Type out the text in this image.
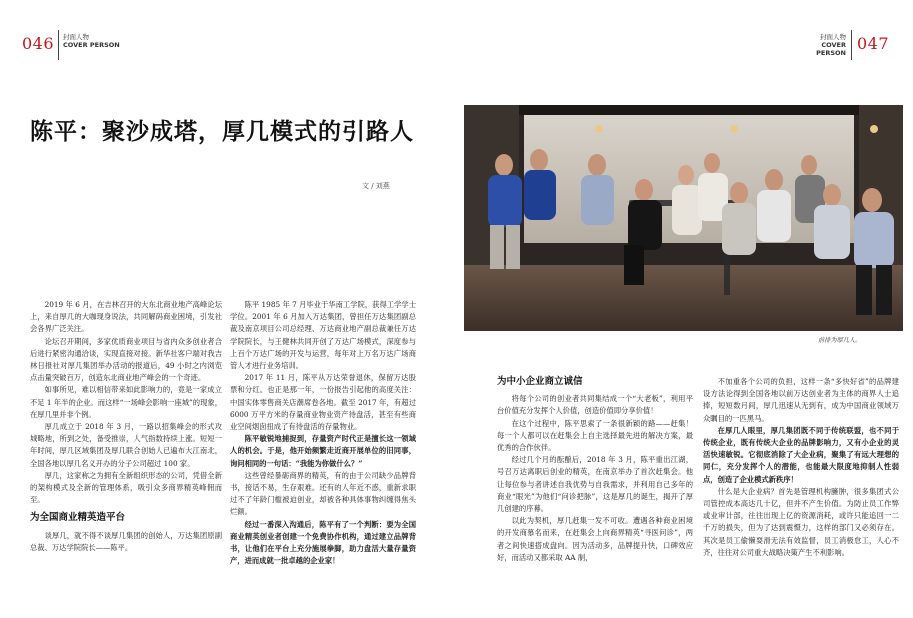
046 封面人物
COVER PERSON
封面人物
COVER PERSON 047
陈平：聚沙成塔，厚几模式的引路人
文 / 刘燕
前排为厚几人。

2019 年 6 月，在吉林召开的大东北商业地产高峰论坛上，来自厚几的大咖现身说法，共同解码商业困境，引发社会各界广泛关注。

论坛召开期间，多家优质商业项目与省内众多创业者合后进行紧密沟通洽谈，实现直接对接。新华社客户端对我吉林日报社对厚几集团举办活动的报道后，49 小时之内浏览点击量突破百万，创造东北商业地产峰会的一个奇迹。

如事所见，难以相信带来如此影响力的，竟是一家成立不足 1 年半的企业。而这样“一场峰会影响一座城”的现象，在厚几里并非个例。

厚几成立于 2018 年 3 月，一路以招集峰会的形式攻城略地，所到之处，备受推崇，人气指数持续上涨。短短一年时间，厚几区域集团及厚几联合创始人已遍布大江南北，全国各地以厚几名义开办的分子公司超过 100 家。

厚几，这家称之为拥有全新组织形态的公司，凭借全新的架构模式及全新的管理体系，吸引众多商界精英峰佣而至。

为全国商业精英造平台

谈厚几，就不得不谈厚几集团的创始人，万达集团原副总裁、万达学院院长——陈平。

陈平 1985 年 7 月毕业于华南工学院，获得工学学士学位。2001 年 6 月加入万达集团，曾担任万达集团副总裁及南京项目公司总经理、万达商业地产副总裁兼任万达学院院长，与王健林共同开创了万达广场模式，深度参与上百个万达广场的开发与运营，每年对上万名万达广场商管人才进行业务培训。

2017 年 11 月，陈平从万达荣誉退休，保留万达股票和分红。也正是那一年，一份报告引起他的高度关注：中国实体零售商关店潮席卷各地。截至 2017 年，有超过 6000 万平方米的存量商业物业资产待盘活，甚至有些商业空间烟囱扭成了有待盘活的存量物业。

陈平敏锐地捕捉到，存量资产时代正是擅长这一领域人的机会。于是，他开始频繁走近商开展单位的旧同事，询问相同的一句话：“我能为你做什么？”

这些曾经暴砺商界的精英，有的由于公司缺少品牌背书，接话不易，生存艰难。还有的人年近不惑，重新求职过不了年龄门槛被迫创业，却被各种具体事物纠缠得焦头烂额。

经过一番深入沟通后，陈平有了一个判断：要为全国商业精英创业者创建一个免费协作机构，通过建立品牌背书，让他们在平台上充分施展拳脚，助力盘活大量存量资产，进而成就一批卓越的企业家！

为中小企业商立诚信

将每个公司的创业者共同集结成一个“大老板”，利用平台价值充分发挥个人价值，创造价值即分享价值！

在这个过程中，陈平思索了一条很新颖的路——赶集！每一个人都可以在赶集会上自主选择最先进的解决方案，最优秀的合作伙伴。

经过几个月的酝酿后，2018 年 3 月，陈平重出江湖，号召万达离职后创业的精英，在南京举办了首次赶集会。他让每位参与者讲述自我优势与自我需求，并利用自己多年的商业“眼光”为他们“问诊把脉”，这是厚几的诞生，揭开了厚几创建的序幕。

以此为契机，厚几赶集一发不可收。遭遇各种商业困境的开发商慕名而来，在赶集会上向商界精英“寻医问诊”，两者之间快速搭成盘向。因为活动多，品牌提升快，口碑效应好，而活动又都采取 AA 制，

不加重各个公司的负担，这样一条“多快好省”的品牌建设方法论得到全国各地以前万达创业者为主体的商界人士追捧，短短数月间，厚几迅速从无到有，成为中国商业领域万众瞩目的一匹黑马。

在厚几人眼里，厚几集团既不同于传统联盟，也不同于传统企业，既有传统大企业的品牌影响力，又有小企业的灵活快速敏锐。它彻底消除了大企业病，聚集了有远大理想的同仁，充分发挥个人的潜能，也能最大限度地抑制人性弱点，创造了企业模式新秩序！

什么是大企业病？首先是管理机构臃肿，很多集团式公司管控成本高达几十亿，但并不产生价值。为防止员工作弊或业审计部，往往出现上亿的资源消耗，或许只能追回一二千万的损失，但为了达到震慑力，这样的部门又必须存在。其次是员工偷懒耍滑无法有效监督，员工消极怠工，人心不齐，往往对公司重大战略决策产生不利影响。
